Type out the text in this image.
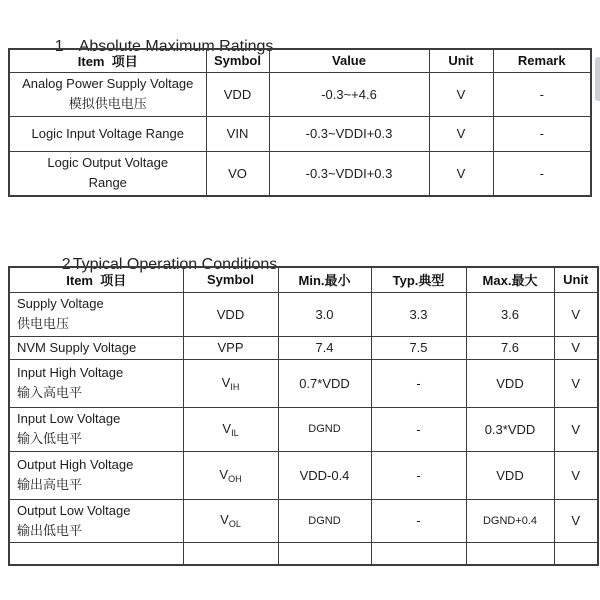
1 Absolute Maximum Ratings

Item  项目	Symbol	Value	Unit	Remark

Analog Power Supply Voltage
模拟供电电压	VDD	-0.3~+4.6	V	-
Logic Input Voltage Range	VIN	-0.3~VDDI+0.3	V	-

Logic Output Voltage
Range	VO	-0.3~VDDI+0.3	V	-

2 Typical Operation Conditions

Item  项目	Symbol	Min.最小	Typ.典型	Max.最大	Unit

Supply Voltage
供电电压	VDD	3.0	3.3	3.6	V
NVM Supply Voltage	VPP	7.4	7.5	7.6	V

Input High Voltage
输入高电平	$V_{IH}$	0.7*VDD	-	VDD	V

Input Low Voltage
输入低电平	$V_{IL}$	DGND	-	0.3*VDD	V

Output High Voltage
输出高电平	$V_{OH}$	VDD-0.4	-	VDD	V

Output Low Voltage
输出低电平	$V_{OL}$	DGND	-	DGND+0.4	V
